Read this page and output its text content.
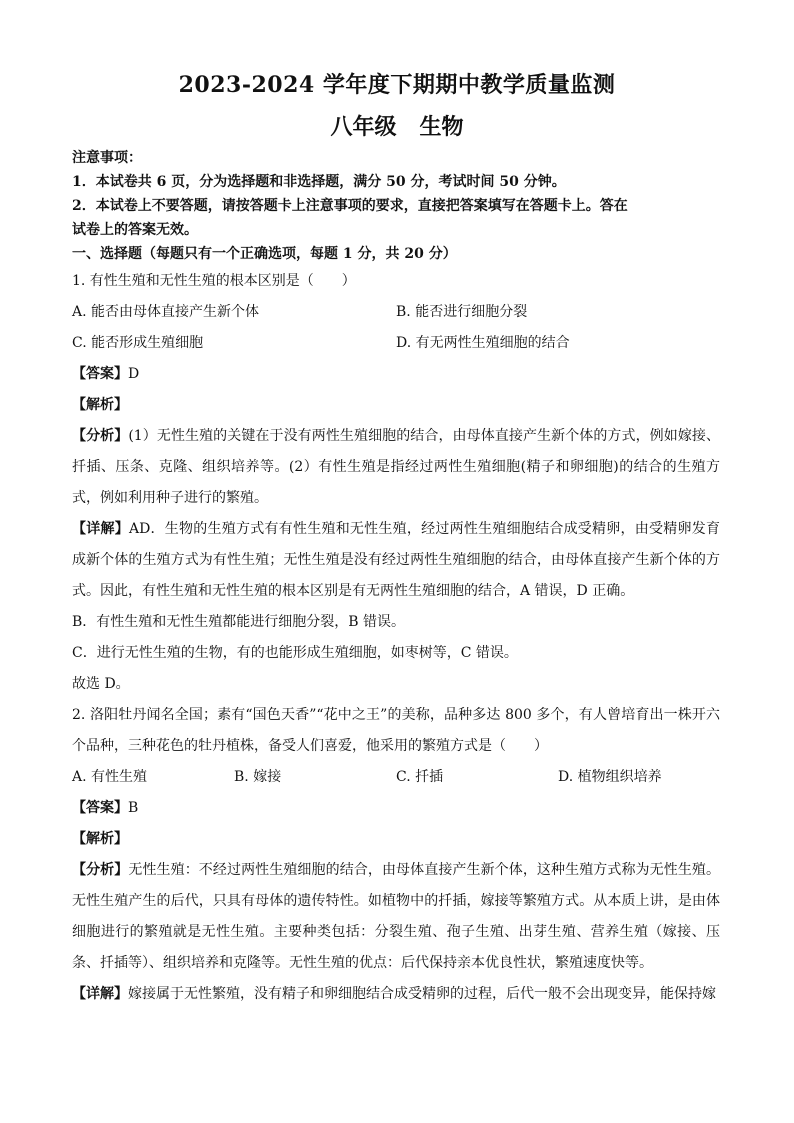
2023-2024 学年度下期期中教学质量监测
八年级   生物

注意事项：

1．本试卷共 6 页，分为选择题和非选择题，满分 50 分，考试时间 50 分钟。

2．本试卷上不要答题，请按答题卡上注意事项的要求，直接把答案填写在答题卡上。答在

试卷上的答案无效。

一、选择题（每题只有一个正确选项，每题 1 分，共 20 分）

1. 有性生殖和无性生殖的根本区别是（　　）

A. 能否由母体直接产生新个体	B. 能否进行细胞分裂
C. 能否形成生殖细胞	D. 有无两性生殖细胞的结合

【答案】D

【解析】

【分析】(1）无性生殖的关键在于没有两性生殖细胞的结合，由母体直接产生新个体的方式，例如嫁接、扦插、压条、克隆、组织培养等。(2）有性生殖是指经过两性生殖细胞(精子和卵细胞)的结合的生殖方式，例如利用种子进行的繁殖。

【详解】AD．生物的生殖方式有有性生殖和无性生殖，经过两性生殖细胞结合成受精卵，由受精卵发育成新个体的生殖方式为有性生殖；无性生殖是没有经过两性生殖细胞的结合，由母体直接产生新个体的方式。因此，有性生殖和无性生殖的根本区别是有无两性生殖细胞的结合，A 错误，D 正确。

B．有性生殖和无性生殖都能进行细胞分裂，B 错误。

C．进行无性生殖的生物，有的也能形成生殖细胞，如枣树等，C 错误。

故选 D。

2. 洛阳牡丹闻名全国；素有“国色天香”“花中之王”的美称，品种多达 800 多个，有人曾培育出一株开六个品种，三种花色的牡丹植株，备受人们喜爱，他采用的繁殖方式是（　　）

A. 有性生殖	B. 嫁接	C. 扦插	D. 植物组织培养

【答案】B

【解析】

【分析】无性生殖：不经过两性生殖细胞的结合，由母体直接产生新个体，这种生殖方式称为无性生殖。无性生殖产生的后代，只具有母体的遗传特性。如植物中的扦插，嫁接等繁殖方式。从本质上讲，是由体细胞进行的繁殖就是无性生殖。主要种类包括：分裂生殖、孢子生殖、出芽生殖、营养生殖（嫁接、压条、扦插等）、组织培养和克隆等。无性生殖的优点：后代保持亲本优良性状，繁殖速度快等。

【详解】嫁接属于无性繁殖，没有精子和卵细胞结合成受精卵的过程，后代一般不会出现变异，能保持嫁
